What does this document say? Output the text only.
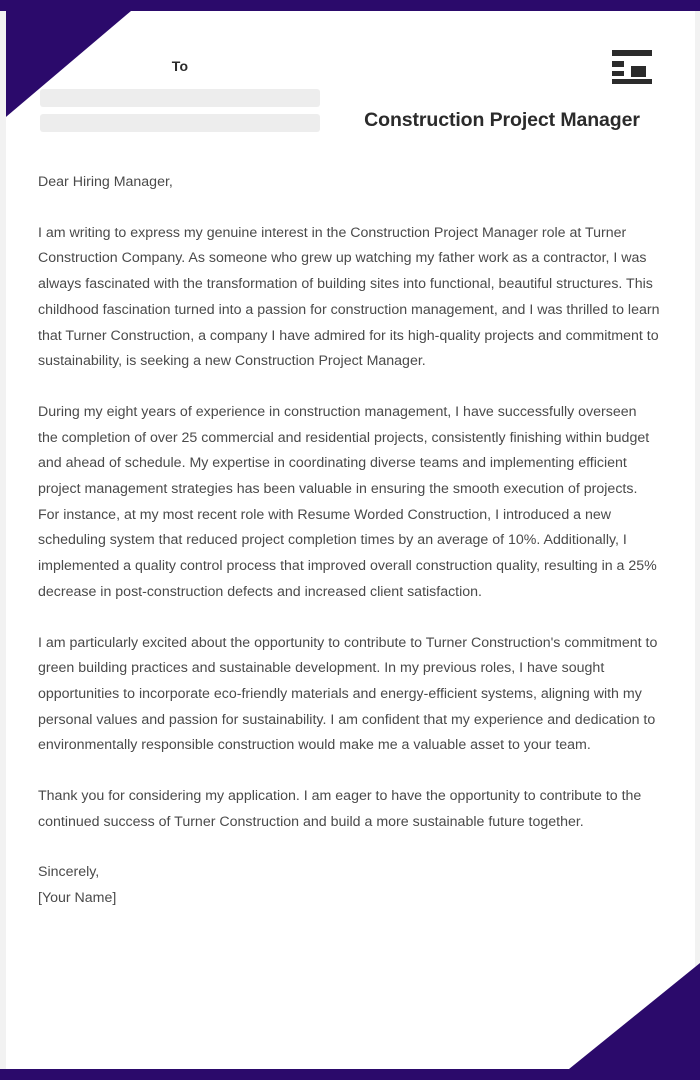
To
Construction Project Manager

Dear Hiring Manager,

I am writing to express my genuine interest in the Construction Project Manager role at Turner Construction Company. As someone who grew up watching my father work as a contractor, I was always fascinated with the transformation of building sites into functional, beautiful structures. This childhood fascination turned into a passion for construction management, and I was thrilled to learn that Turner Construction, a company I have admired for its high-quality projects and commitment to sustainability, is seeking a new Construction Project Manager.

During my eight years of experience in construction management, I have successfully overseen the completion of over 25 commercial and residential projects, consistently finishing within budget and ahead of schedule. My expertise in coordinating diverse teams and implementing efficient project management strategies has been valuable in ensuring the smooth execution of projects. For instance, at my most recent role with Resume Worded Construction, I introduced a new scheduling system that reduced project completion times by an average of 10%. Additionally, I implemented a quality control process that improved overall construction quality, resulting in a 25% decrease in post-construction defects and increased client satisfaction.

I am particularly excited about the opportunity to contribute to Turner Construction's commitment to green building practices and sustainable development. In my previous roles, I have sought opportunities to incorporate eco-friendly materials and energy-efficient systems, aligning with my personal values and passion for sustainability. I am confident that my experience and dedication to environmentally responsible construction would make me a valuable asset to your team.

Thank you for considering my application. I am eager to have the opportunity to contribute to the continued success of Turner Construction and build a more sustainable future together.

Sincerely,
[Your Name]
